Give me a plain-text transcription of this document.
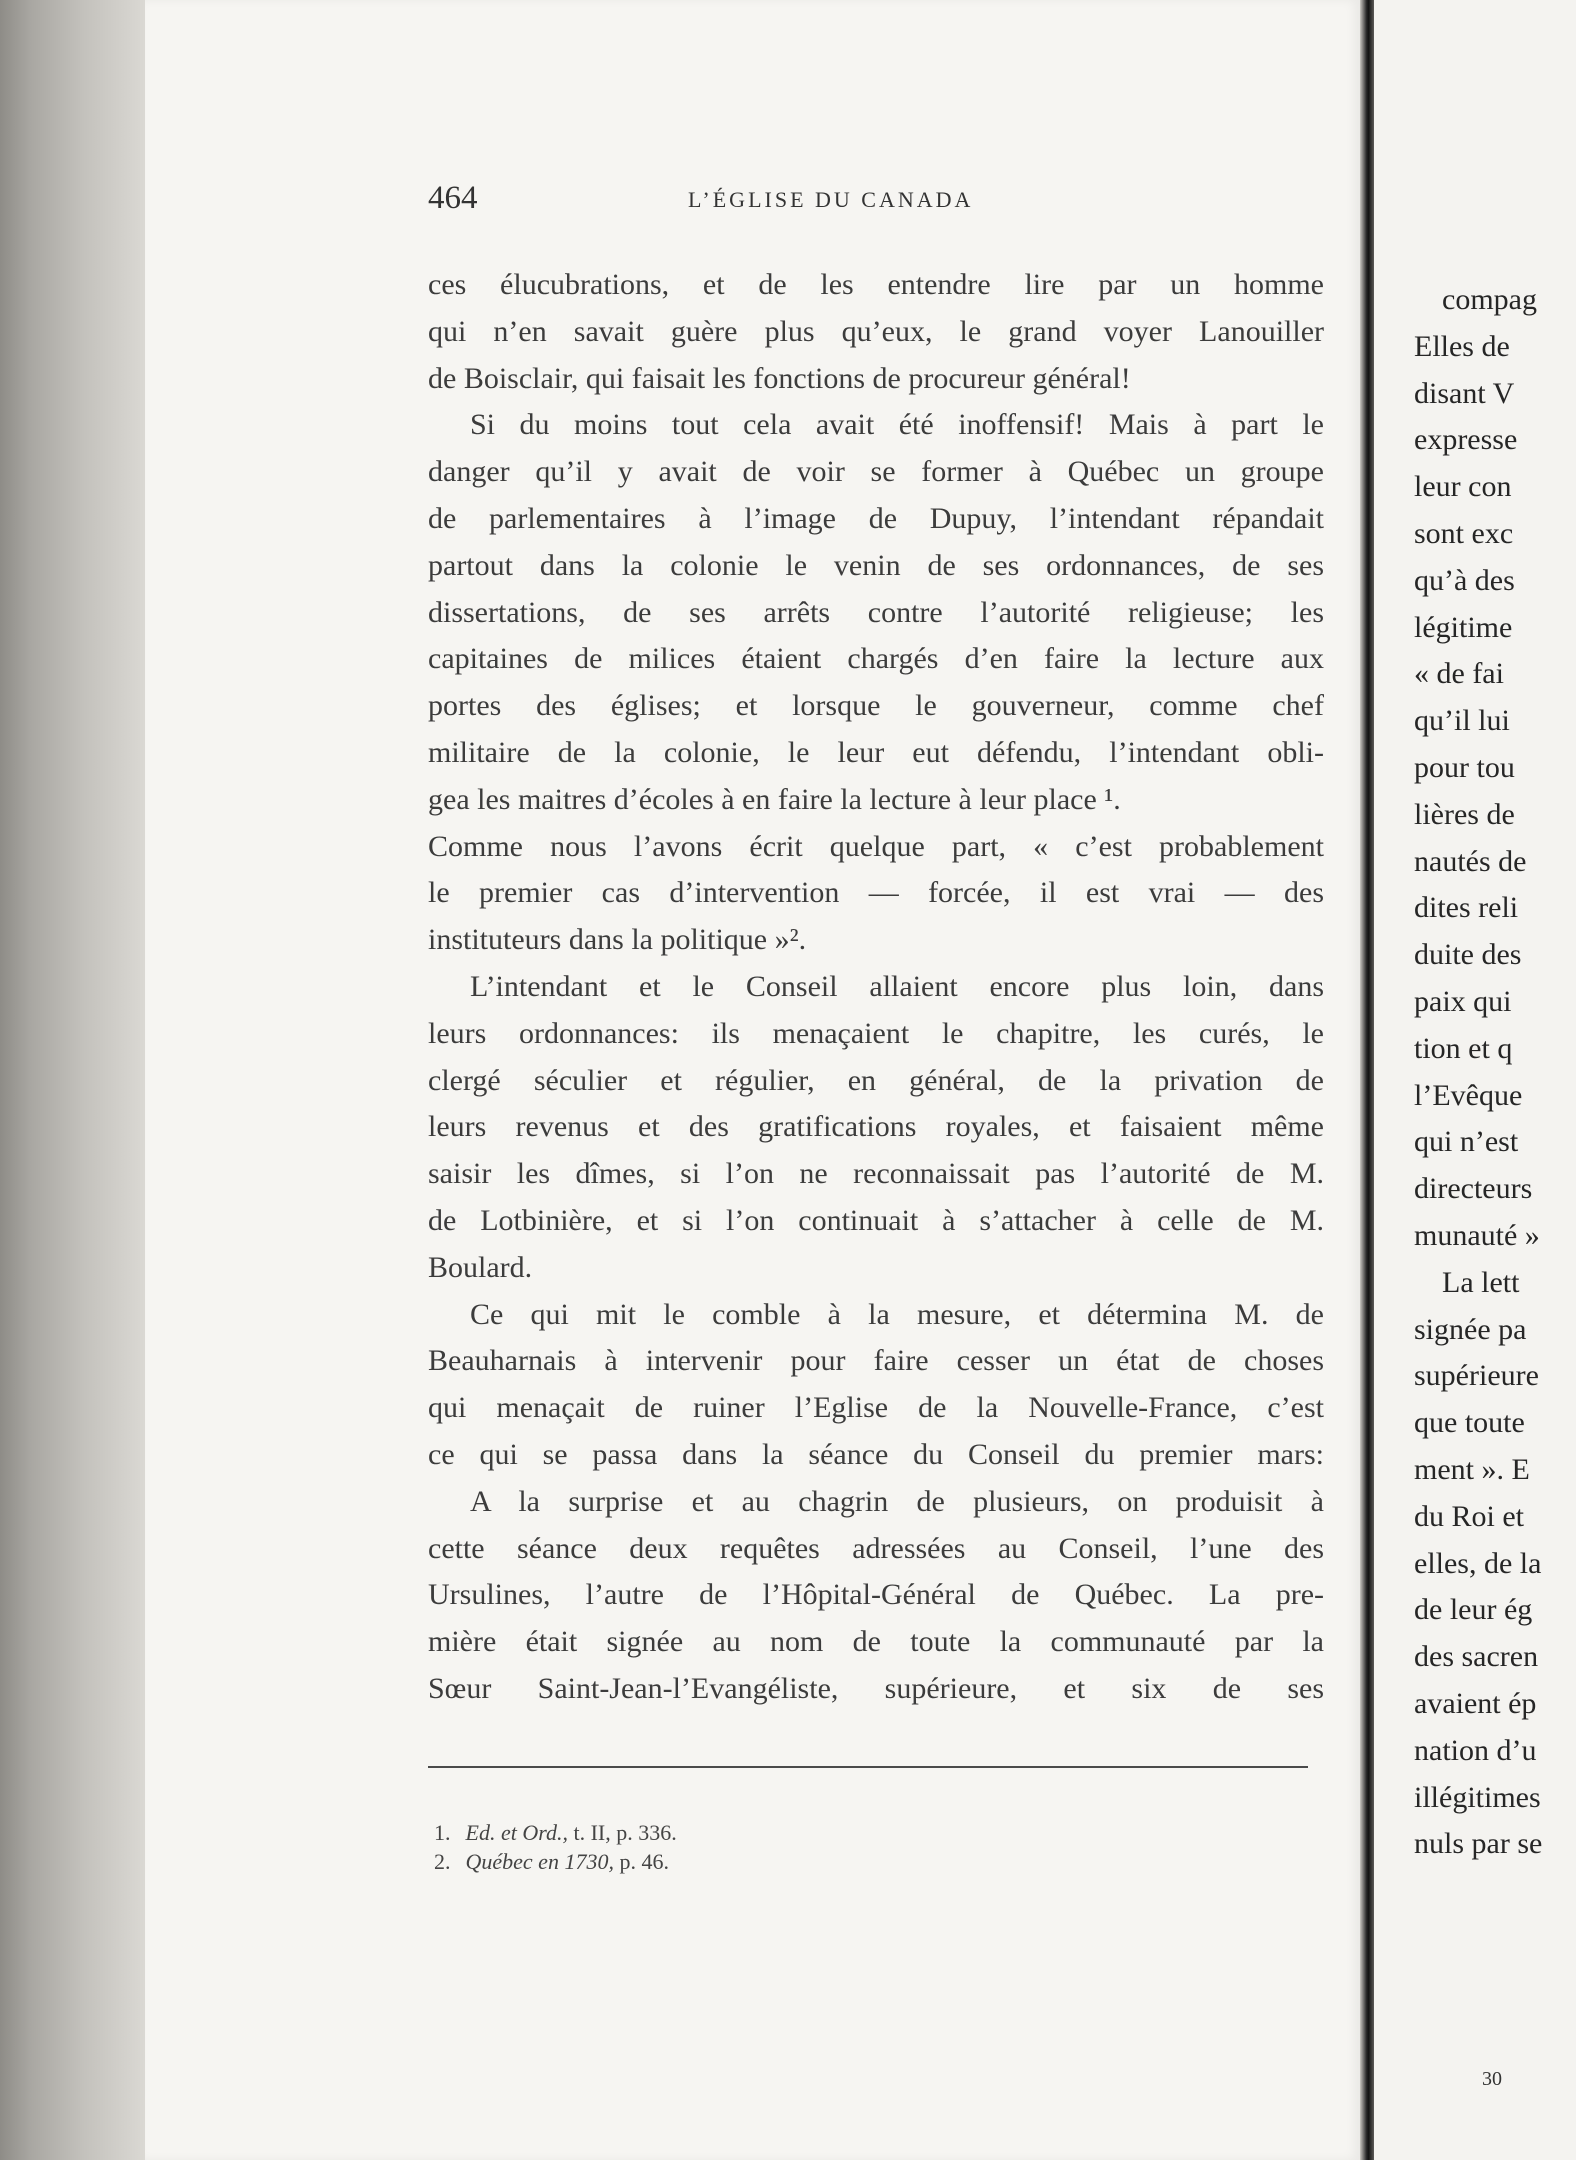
464	L’ÉGLISE DU CANADA
ces élucubrations, et de les entendre lire par un homme
qui n’en savait guère plus qu’eux, le grand voyer Lanouiller
de Boisclair, qui faisait les fonctions de procureur général!
Si du moins tout cela avait été inoffensif! Mais à part le
danger qu’il y avait de voir se former à Québec un groupe
de parlementaires à l’image de Dupuy, l’intendant répandait
partout dans la colonie le venin de ses ordonnances, de ses
dissertations, de ses arrêts contre l’autorité religieuse; les
capitaines de milices étaient chargés d’en faire la lecture aux
portes des églises; et lorsque le gouverneur, comme chef
militaire de la colonie, le leur eut défendu, l’intendant obli-
gea les maitres d’écoles à en faire la lecture à leur place ¹.
Comme nous l’avons écrit quelque part, « c’est probablement
le premier cas d’intervention — forcée, il est vrai — des
instituteurs dans la politique »².
L’intendant et le Conseil allaient encore plus loin, dans
leurs ordonnances: ils menaçaient le chapitre, les curés, le
clergé séculier et régulier, en général, de la privation de
leurs revenus et des gratifications royales, et faisaient même
saisir les dîmes, si l’on ne reconnaissait pas l’autorité de M.
de Lotbinière, et si l’on continuait à s’attacher à celle de M.
Boulard.
Ce qui mit le comble à la mesure, et détermina M. de
Beauharnais à intervenir pour faire cesser un état de choses
qui menaçait de ruiner l’Eglise de la Nouvelle-France, c’est
ce qui se passa dans la séance du Conseil du premier mars:
A la surprise et au chagrin de plusieurs, on produisit à
cette séance deux requêtes adressées au Conseil, l’une des
Ursulines, l’autre de l’Hôpital-Général de Québec. La pre-
mière était signée au nom de toute la communauté par la
Sœur Saint-Jean-l’Evangéliste, supérieure, et six de ses
1. Ed. et Ord., t. II, p. 336.
2. Québec en 1730, p. 46.
compag
Elles de
disant V
expresse
leur con
sont exc
qu’à des
légitime
« de fai
qu’il lui
pour tou
lières de
nautés de
dites reli
duite des
paix qui
tion et q
l’Evêque
qui n’est
directeurs
munauté »
La lett
signée pa
supérieure
que toute
ment ». E
du Roi et
elles, de la
de leur ég
des sacren
avaient ép
nation d’u
illégitimes
nuls par se
30
